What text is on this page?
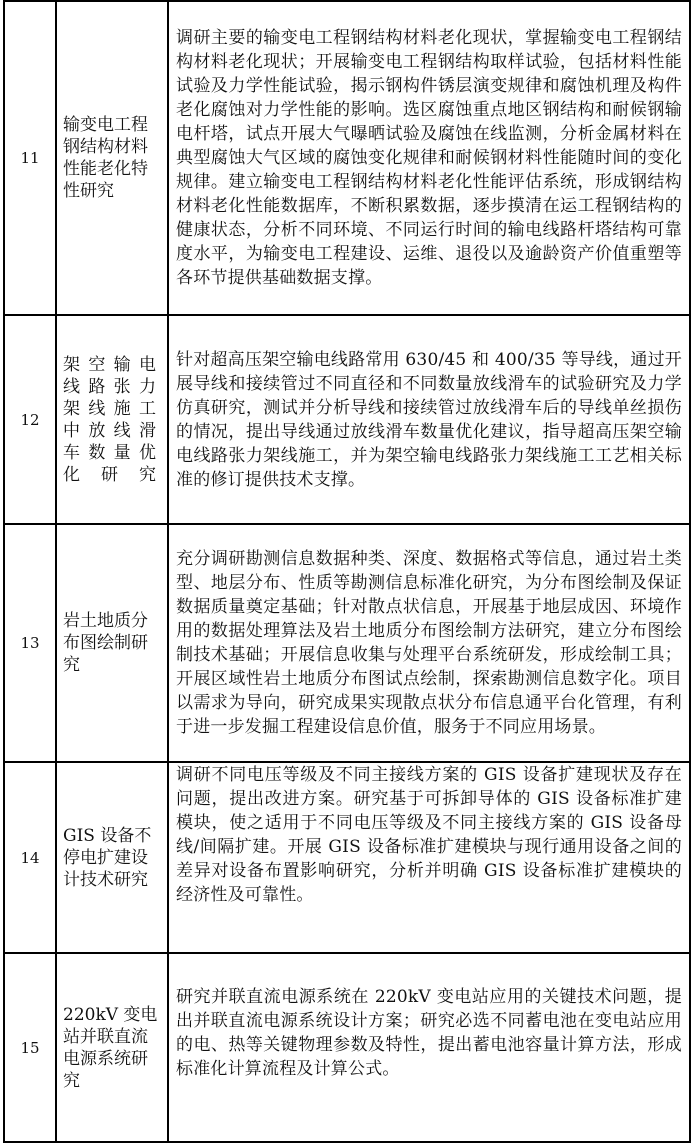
11	输变电工程钢结构材料性能老化特性研究	调研主要的输变电工程钢结构材料老化现状，掌握输变电工程钢结构材料老化现状；开展输变电工程钢结构取样试验，包括材料性能试验及力学性能试验，揭示钢构件锈层演变规律和腐蚀机理及构件老化腐蚀对力学性能的影响。选区腐蚀重点地区钢结构和耐候钢输电杆塔，试点开展大气曝晒试验及腐蚀在线监测，分析金属材料在典型腐蚀大气区域的腐蚀变化规律和耐候钢材料性能随时间的变化规律。建立输变电工程钢结构材料老化性能评估系统，形成钢结构材料老化性能数据库，不断积累数据，逐步摸清在运工程钢结构的健康状态，分析不同环境、不同运行时间的输电线路杆塔结构可靠度水平，为输变电工程建设、运维、退役以及逾龄资产价值重塑等各环节提供基础数据支撑。
12	架空输电线路张力架线施工中放线滑车数量优化研究	针对超高压架空输电线路常用 630/45 和 400/35 等导线，通过开展导线和接续管过不同直径和不同数量放线滑车的试验研究及力学仿真研究，测试并分析导线和接续管过放线滑车后的导线单丝损伤的情况，提出导线通过放线滑车数量优化建议，指导超高压架空输电线路张力架线施工，并为架空输电线路张力架线施工工艺相关标准的修订提供技术支撑。
13	岩土地质分布图绘制研究	充分调研勘测信息数据种类、深度、数据格式等信息，通过岩土类型、地层分布、性质等勘测信息标准化研究，为分布图绘制及保证数据质量奠定基础；针对散点状信息，开展基于地层成因、环境作用的数据处理算法及岩土地质分布图绘制方法研究，建立分布图绘制技术基础；开展信息收集与处理平台系统研发，形成绘制工具；开展区域性岩土地质分布图试点绘制，探索勘测信息数字化。项目以需求为导向，研究成果实现散点状分布信息通平台化管理，有利于进一步发掘工程建设信息价值，服务于不同应用场景。
14	GIS 设备不停电扩建设计技术研究	调研不同电压等级及不同主接线方案的 GIS 设备扩建现状及存在问题，提出改进方案。研究基于可拆卸导体的 GIS 设备标准扩建模块，使之适用于不同电压等级及不同主接线方案的 GIS 设备母线/间隔扩建。开展 GIS 设备标准扩建模块与现行通用设备之间的差异对设备布置影响研究，分析并明确 GIS 设备标准扩建模块的经济性及可靠性。

15	220kV 变电站并联直流电源系统研究	研究并联直流电源系统在 220kV 变电站应用的关键技术问题，提出并联直流电源系统设计方案；研究必选不同蓄电池在变电站应用的电、热等关键物理参数及特性，提出蓄电池容量计算方法，形成标准化计算流程及计算公式。
